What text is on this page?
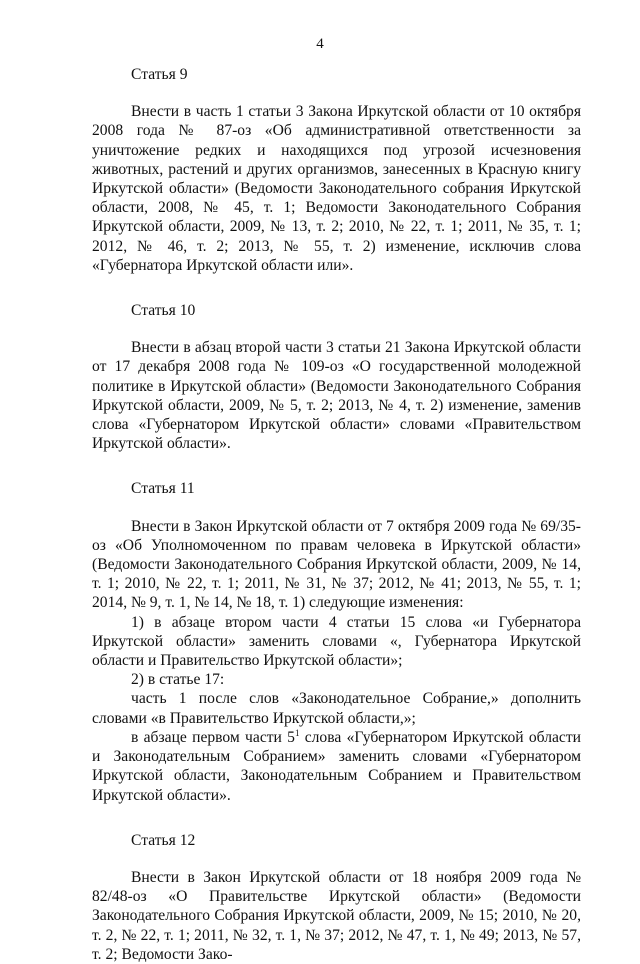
4

Статья 9

Внести в часть 1 статьи 3 Закона Иркутской области от 10 октября 2008 года № 87-оз «Об административной ответственности за уничтожение редких и находящихся под угрозой исчезновения животных, растений и других организмов, занесенных в Красную книгу Иркутской области» (Ведомости Законодательного собрания Иркутской области, 2008, № 45, т. 1; Ведомости Законодательного Собрания Иркутской области, 2009, № 13, т. 2; 2010, № 22, т. 1; 2011, № 35, т. 1; 2012, № 46, т. 2; 2013, № 55, т. 2) изменение, исключив слова «Губернатора Иркутской области или».

Статья 10

Внести в абзац второй части 3 статьи 21 Закона Иркутской области от 17 декабря 2008 года № 109-оз «О государственной молодежной политике в Иркутской области» (Ведомости Законодательного Собрания Иркутской области, 2009, № 5, т. 2; 2013, № 4, т. 2) изменение, заменив слова «Губернатором Иркутской области» словами «Правительством Иркутской области».

Статья 11

Внести в Закон Иркутской области от 7 октября 2009 года № 69/35-оз «Об Уполномоченном по правам человека в Иркутской области» (Ведомости Законодательного Собрания Иркутской области, 2009, № 14, т. 1; 2010, № 22, т. 1; 2011, № 31, № 37; 2012, № 41; 2013, № 55, т. 1; 2014, № 9, т. 1, № 14, № 18, т. 1) следующие изменения:

1) в абзаце втором части 4 статьи 15 слова «и Губернатора Иркутской области» заменить словами «, Губернатора Иркутской области и Правительство Иркутской области»;

2) в статье 17:

часть 1 после слов «Законодательное Собрание,» дополнить словами «в Правительство Иркутской области,»;

в абзаце первом части $5^1$ слова «Губернатором Иркутской области и Законодательным Собранием» заменить словами «Губернатором Иркутской области, Законодательным Собранием и Правительством Иркутской области».

Статья 12

Внести в Закон Иркутской области от 18 ноября 2009 года № 82/48-оз «О Правительстве Иркутской области» (Ведомости Законодательного Собрания Иркутской области, 2009, № 15; 2010, № 20, т. 2, № 22, т. 1; 2011, № 32, т. 1, № 37; 2012, № 47, т. 1, № 49; 2013, № 57, т. 2; Ведомости Зако-
